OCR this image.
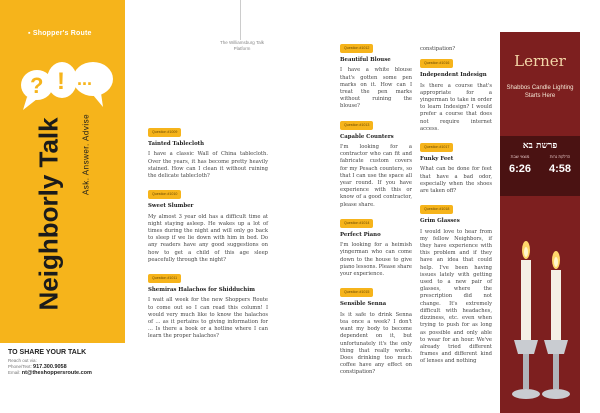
▪ Shopper's Route
? ! ...
Neighborly Talk Ask. Answer. Advise
TO SHARE YOUR TALK
Reach out via:
Phone/Text: 917.300.9058
Email: nt@theshoppersroute.com
The Williamsburg Talk Platform
Question #1009
Tainted Tablecloth
I have a classic Wall of China tablecloth. Over the years, it has become pretty heavily stained. How can I clean it without ruining the delicate tablecloth?
Question #1010
Sweet Slumber
My almost 3 year old has a difficult time at night staying asleep. He wakes up a lot of times during the night and will only go back to sleep if we lie down with him in bed. Do any readers have any good suggestions on how to get a child of this age sleep peacefully through the night?
Question #1011
Shemiras Halachos for Shidduchim
I wait all week for the new Shoppers Route to come out so I can read this column! I would very much like to know the halachos of ... as it pertains to giving information for ... Is there a book or a hotline where I can learn the proper halachos?
Question #1012
Beautiful Blouse
I have a white blouse that's gotten some pen marks on it. How can I treat the pen marks without ruining the blouse?
Question #1013
Capable Counters
I'm looking for a contractor who can fit and fabricate custom covers for my Pesach counters, so that I can use the space all year round. If you have experience with this or know of a good contractor, please share.
Question #1014
Perfect Piano
I'm looking for a heimish yingerman who can come down to the house to give piano lessons. Please share your experience.
Question #1015
Sensible Senna
Is it safe to drink Senna tea once a week? I don't want my body to become dependent on it, but unfortunately it's the only thing that really works. Does drinking too much coffee have any effect on constipation?
constipation?
Question #1016
Independent Indesign
Is there a course that's appropriate for a yingerman to take in order to learn Indesign? I would prefer a course that does not require internet access.
Question #1017
Funky Feet
What can be done for feet that have a bad odor, especially when the shoes are taken off?
Question #1018
Grim Glasses
I would love to hear from my fellow Neighbors, if they have experience with this problem and if they have an idea that could help. I've been having issues lately with getting used to a new pair of glasses, where the prescription did not change. It's extremely difficult with headaches, dizziness, etc. even when trying to push for as long as possible and only able to wear for an hour. We've already tried different frames and different kind of lenses and nothing
Lerner
Shabbos Candle Lighting Starts Here
פרשת בא
מוצאי שבת
6:26
הדלקת נרות
4:58
